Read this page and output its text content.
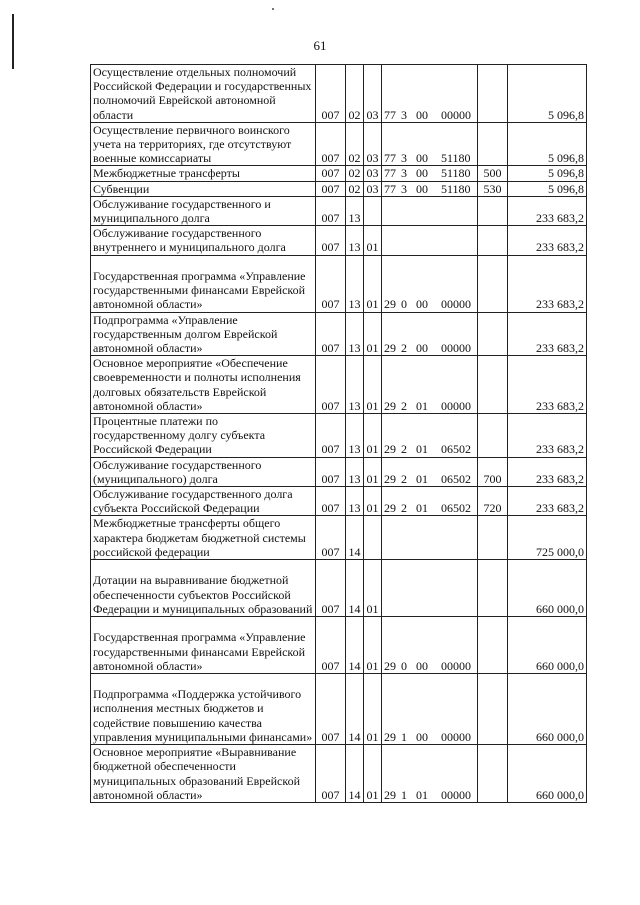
61
Осуществление отдельных полномочий Российской Федерации и государственных полномочий Еврейской автономной области	007	02	03	77 3 00 00000		5 096,8
Осуществление первичного воинского учета на территориях, где отсутствуют военные комиссариаты	007	02	03	77 3 00 51180		5 096,8
Межбюджетные трансферты	007	02	03	77 3 00 51180	500	5 096,8
Субвенции	007	02	03	77 3 00 51180	530	5 096,8
Обслуживание государственного и муниципального долга	007	13				233 683,2
Обслуживание государственного внутреннего и муниципального долга	007	13	01			233 683,2
Государственная программа «Управление государственными финансами Еврейской автономной области»	007	13	01	29 0 00 00000		233 683,2
Подпрограмма «Управление государственным долгом Еврейской автономной области»	007	13	01	29 2 00 00000		233 683,2
Основное мероприятие «Обеспечение своевременности и полноты исполнения долговых обязательств Еврейской автономной области»	007	13	01	29 2 01 00000		233 683,2
Процентные платежи по государственному долгу субъекта Российской Федерации	007	13	01	29 2 01 06502		233 683,2
Обслуживание государственного (муниципального) долга	007	13	01	29 2 01 06502	700	233 683,2
Обслуживание государственного долга субъекта Российской Федерации	007	13	01	29 2 01 06502	720	233 683,2
Межбюджетные трансферты общего характера бюджетам бюджетной системы российской федерации	007	14				725 000,0
Дотации на выравнивание бюджетной обеспеченности субъектов Российской Федерации и муниципальных образований	007	14	01			660 000,0
Государственная программа «Управление государственными финансами Еврейской автономной области»	007	14	01	29 0 00 00000		660 000,0
Подпрограмма «Поддержка устойчивого исполнения местных бюджетов и содействие повышению качества управления муниципальными финансами»	007	14	01	29 1 00 00000		660 000,0
Основное мероприятие «Выравнивание бюджетной обеспеченности муниципальных образований Еврейской автономной области»	007	14	01	29 1 01 00000		660 000,0
